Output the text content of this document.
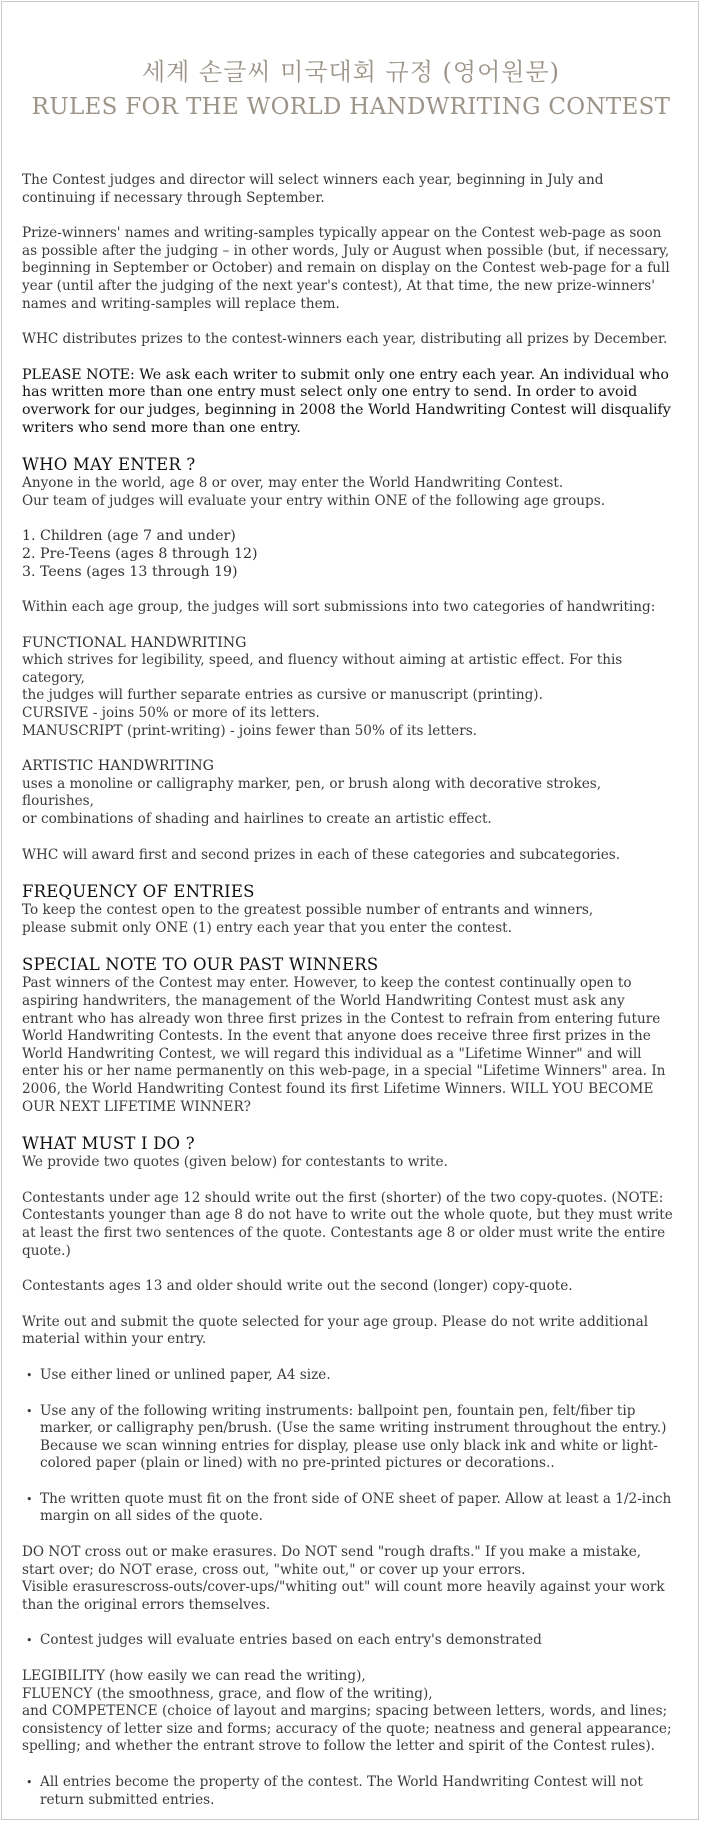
세계 손글씨 미국대회 규정 (영어원문)
RULES FOR THE WORLD HANDWRITING CONTEST

The Contest judges and director will select winners each year, beginning in July and continuing if necessary through September.

Prize-winners' names and writing-samples typically appear on the Contest web-page as soon as possible after the judging – in other words, July or August when possible (but, if necessary, beginning in September or October) and remain on display on the Contest web-page for a full year (until after the judging of the next year's contest), At that time, the new prize-winners' names and writing-samples will replace them.

WHC distributes prizes to the contest-winners each year, distributing all prizes by December.

PLEASE NOTE: We ask each writer to submit only one entry each year. An individual who has written more than one entry must select only one entry to send. In order to avoid overwork for our judges, beginning in 2008 the World Handwriting Contest will disqualify writers who send more than one entry.

WHO MAY ENTER ?

Anyone in the world, age 8 or over, may enter the World Handwriting Contest.
Our team of judges will evaluate your entry within ONE of the following age groups.

1. Children (age 7 and under)
2. Pre-Teens (ages 8 through 12)
3. Teens (ages 13 through 19)

Within each age group, the judges will sort submissions into two categories of handwriting:

FUNCTIONAL HANDWRITING
which strives for legibility, speed, and fluency without aiming at artistic effect. For this category,
the judges will further separate entries as cursive or manuscript (printing).
CURSIVE - joins 50% or more of its letters.
MANUSCRIPT (print-writing) - joins fewer than 50% of its letters.

ARTISTIC HANDWRITING
uses a monoline or calligraphy marker, pen, or brush along with decorative strokes, flourishes,
or combinations of shading and hairlines to create an artistic effect.

WHC will award first and second prizes in each of these categories and subcategories.

FREQUENCY OF ENTRIES

To keep the contest open to the greatest possible number of entrants and winners,
please submit only ONE (1) entry each year that you enter the contest.

SPECIAL NOTE TO OUR PAST WINNERS

Past winners of the Contest may enter. However, to keep the contest continually open to aspiring handwriters, the management of the World Handwriting Contest must ask any entrant who has already won three first prizes in the Contest to refrain from entering future World Handwriting Contests. In the event that anyone does receive three first prizes in the World Handwriting Contest, we will regard this individual as a "Lifetime Winner" and will enter his or her name permanently on this web-page, in a special "Lifetime Winners" area. In 2006, the World Handwriting Contest found its first Lifetime Winners. WILL YOU BECOME OUR NEXT LIFETIME WINNER?

WHAT MUST I DO ?

We provide two quotes (given below) for contestants to write.

Contestants under age 12 should write out the first (shorter) of the two copy-quotes. (NOTE: Contestants younger than age 8 do not have to write out the whole quote, but they must write at least the first two sentences of the quote. Contestants age 8 or older must write the entire quote.)

Contestants ages 13 and older should write out the second (longer) copy-quote.

Write out and submit the quote selected for your age group. Please do not write additional material within your entry.

• Use either lined or unlined paper, A4 size.
• Use any of the following writing instruments: ballpoint pen, fountain pen, felt/fiber tip marker, or calligraphy pen/brush. (Use the same writing instrument throughout the entry.) Because we scan winning entries for display, please use only black ink and white or light-colored paper (plain or lined) with no pre-printed pictures or decorations..
• The written quote must fit on the front side of ONE sheet of paper. Allow at least a 1/2-inch margin on all sides of the quote.

DO NOT cross out or make erasures. Do NOT send "rough drafts." If you make a mistake,
start over; do NOT erase, cross out, "white out," or cover up your errors.
Visible erasurescross-outs/cover-ups/"whiting out" will count more heavily against your work than the original errors themselves.

• Contest judges will evaluate entries based on each entry's demonstrated

LEGIBILITY (how easily we can read the writing),
FLUENCY (the smoothness, grace, and flow of the writing),
and COMPETENCE (choice of layout and margins; spacing between letters, words, and lines; consistency of letter size and forms; accuracy of the quote; neatness and general appearance; spelling; and whether the entrant strove to follow the letter and spirit of the Contest rules).

• All entries become the property of the contest. The World Handwriting Contest will not return submitted entries.
